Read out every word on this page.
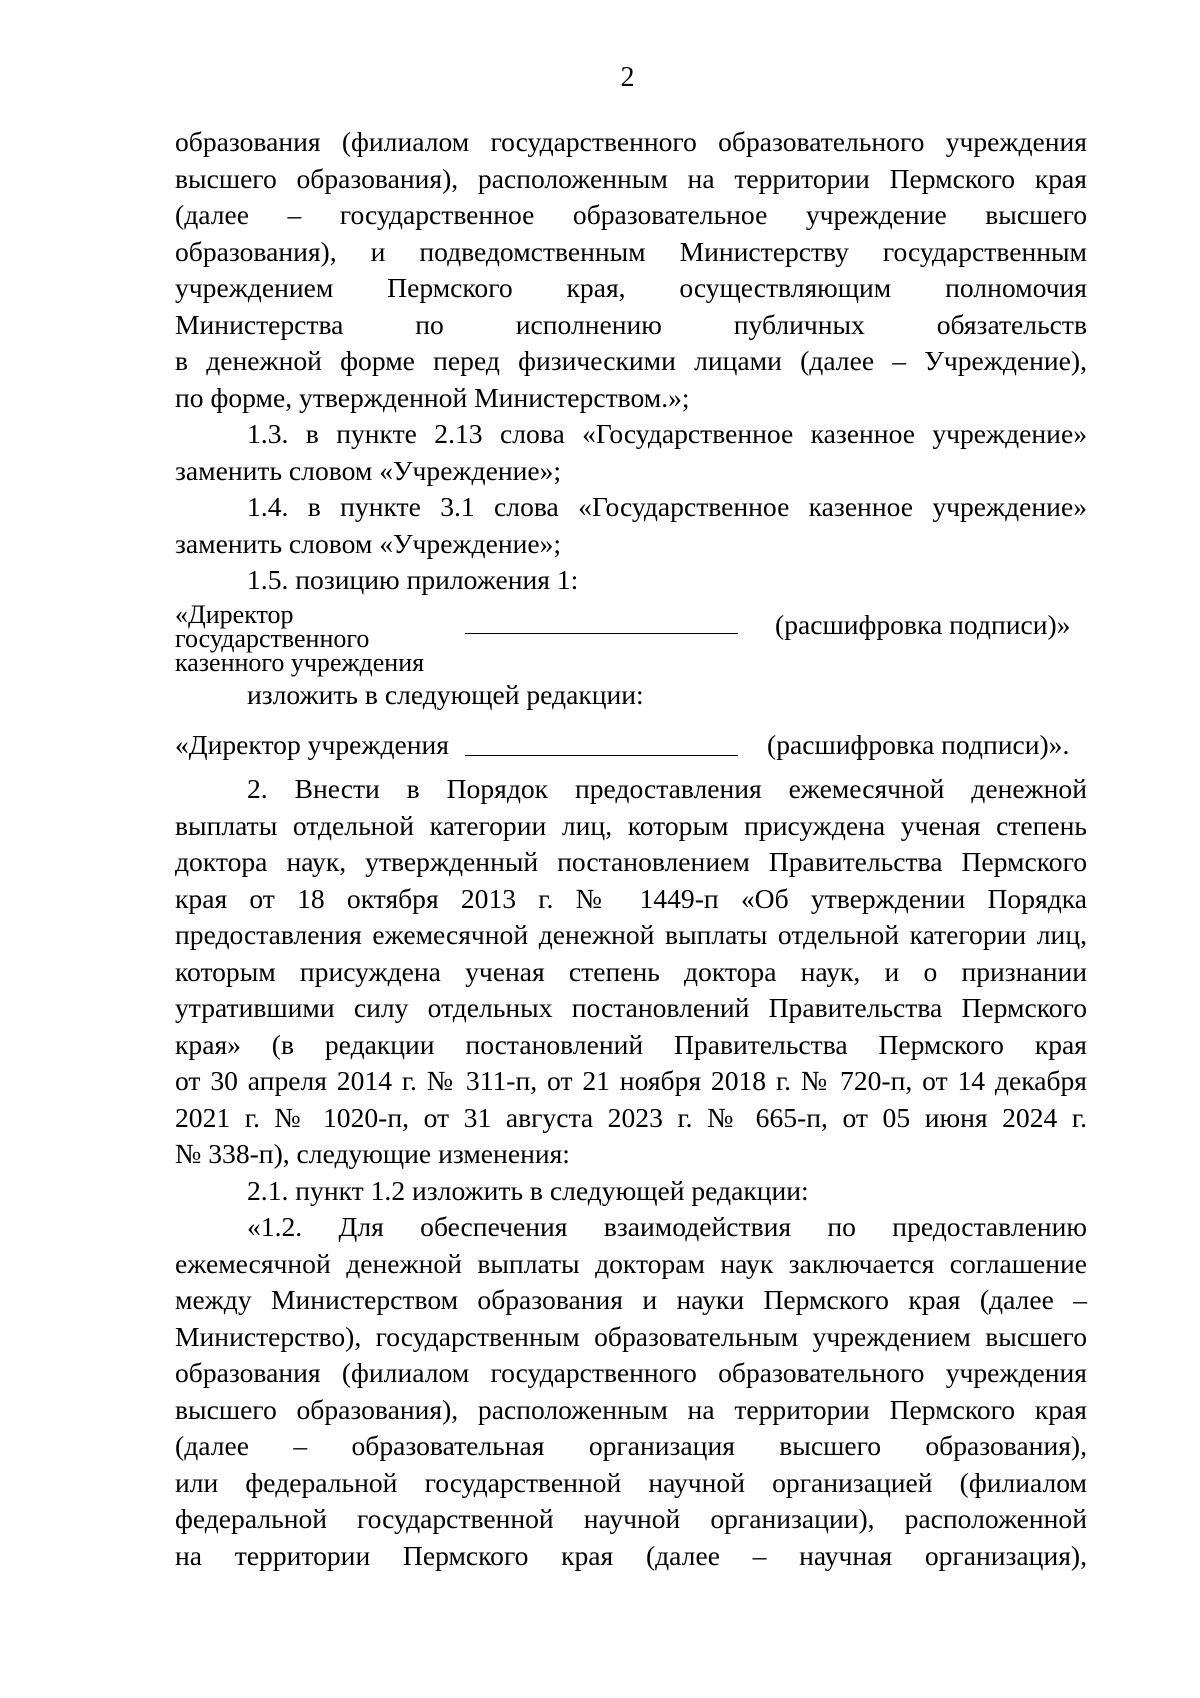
2

образования (филиалом государственного образовательного учреждения
высшего образования), расположенным на территории Пермского края
(далее – государственное образовательное учреждение высшего
образования), и подведомственным Министерству государственным
учреждением Пермского края, осуществляющим полномочия
Министерства по исполнению публичных обязательств
в денежной форме перед физическими лицами (далее – Учреждение),
по форме, утвержденной Министерством.»;

1.3. в пункте 2.13 слова «Государственное казенное учреждение»
заменить словом «Учреждение»;

1.4. в пункте 3.1 слова «Государственное казенное учреждение»
заменить словом «Учреждение»;

1.5. позицию приложения 1:

«Директор
государственного
казенного учреждения
(расшифровка подписи)»

изложить в следующей редакции:

«Директор учреждения	(расшифровка подписи)».

2. Внести в Порядок предоставления ежемесячной денежной
выплаты отдельной категории лиц, которым присуждена ученая степень
доктора наук, утвержденный постановлением Правительства Пермского
края от 18 октября 2013 г. № 1449-п «Об утверждении Порядка
предоставления ежемесячной денежной выплаты отдельной категории лиц,
которым присуждена ученая степень доктора наук, и о признании
утратившими силу отдельных постановлений Правительства Пермского
края» (в редакции постановлений Правительства Пермского края
от 30 апреля 2014 г. № 311-п, от 21 ноября 2018 г. № 720-п, от 14 декабря
2021 г. № 1020-п, от 31 августа 2023 г. № 665-п, от 05 июня 2024 г.
№ 338-п), следующие изменения:

2.1. пункт 1.2 изложить в следующей редакции:

«1.2. Для обеспечения взаимодействия по предоставлению
ежемесячной денежной выплаты докторам наук заключается соглашение
между Министерством образования и науки Пермского края (далее –
Министерство), государственным образовательным учреждением высшего
образования (филиалом государственного образовательного учреждения
высшего образования), расположенным на территории Пермского края
(далее – образовательная организация высшего образования),
или федеральной государственной научной организацией (филиалом
федеральной государственной научной организации), расположенной
на территории Пермского края (далее – научная организация),
